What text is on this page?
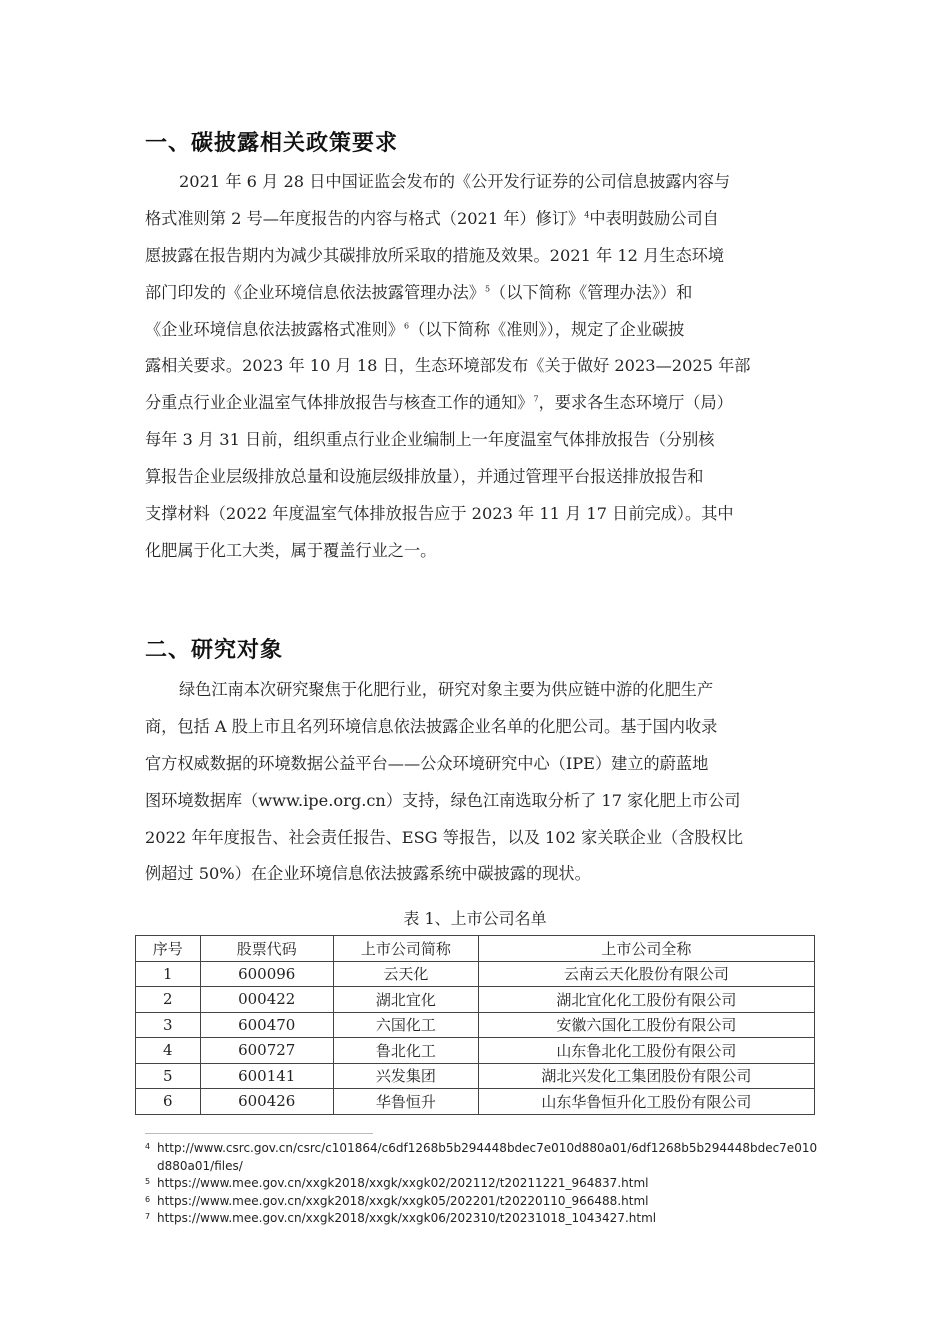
一、碳披露相关政策要求
2021 年 6 月 28 日中国证监会发布的《公开发行证券的公司信息披露内容与
格式准则第 2 号—年度报告的内容与格式（2021 年）修订》$^4$中表明鼓励公司自
愿披露在报告期内为减少其碳排放所采取的措施及效果。2021 年 12 月生态环境
部门印发的《企业环境信息依法披露管理办法》$^5$（以下简称《管理办法》）和
《企业环境信息依法披露格式准则》$^6$（以下简称《准则》），规定了企业碳披
露相关要求。2023 年 10 月 18 日，生态环境部发布《关于做好 2023—2025 年部
分重点行业企业温室气体排放报告与核查工作的通知》$^7$，要求各生态环境厅（局）
每年 3 月 31 日前，组织重点行业企业编制上一年度温室气体排放报告（分别核
算报告企业层级排放总量和设施层级排放量），并通过管理平台报送排放报告和
支撑材料（2022 年度温室气体排放报告应于 2023 年 11 月 17 日前完成）。其中
化肥属于化工大类，属于覆盖行业之一。
二、研究对象
绿色江南本次研究聚焦于化肥行业，研究对象主要为供应链中游的化肥生产
商，包括 A 股上市且名列环境信息依法披露企业名单的化肥公司。基于国内收录
官方权威数据的环境数据公益平台——公众环境研究中心（IPE）建立的蔚蓝地
图环境数据库（www.ipe.org.cn）支持，绿色江南选取分析了 17 家化肥上市公司
2022 年年度报告、社会责任报告、ESG 等报告，以及 102 家关联企业（含股权比
例超过 50%）在企业环境信息依法披露系统中碳披露的现状。
表 1、上市公司名单
序号	股票代码	上市公司简称	上市公司全称
1	600096	云天化	云南云天化股份有限公司
2	000422	湖北宜化	湖北宜化化工股份有限公司
3	600470	六国化工	安徽六国化工股份有限公司
4	600727	鲁北化工	山东鲁北化工股份有限公司
5	600141	兴发集团	湖北兴发化工集团股份有限公司
6	600426	华鲁恒升	山东华鲁恒升化工股份有限公司
4 http://www.csrc.gov.cn/csrc/c101864/c6df1268b5b294448bdec7e010d880a01/6df1268b5b294448bdec7e010
d880a01/files/
5 https://www.mee.gov.cn/xxgk2018/xxgk/xxgk02/202112/t20211221_964837.html
6 https://www.mee.gov.cn/xxgk2018/xxgk/xxgk05/202201/t20220110_966488.html
7 https://www.mee.gov.cn/xxgk2018/xxgk/xxgk06/202310/t20231018_1043427.html
